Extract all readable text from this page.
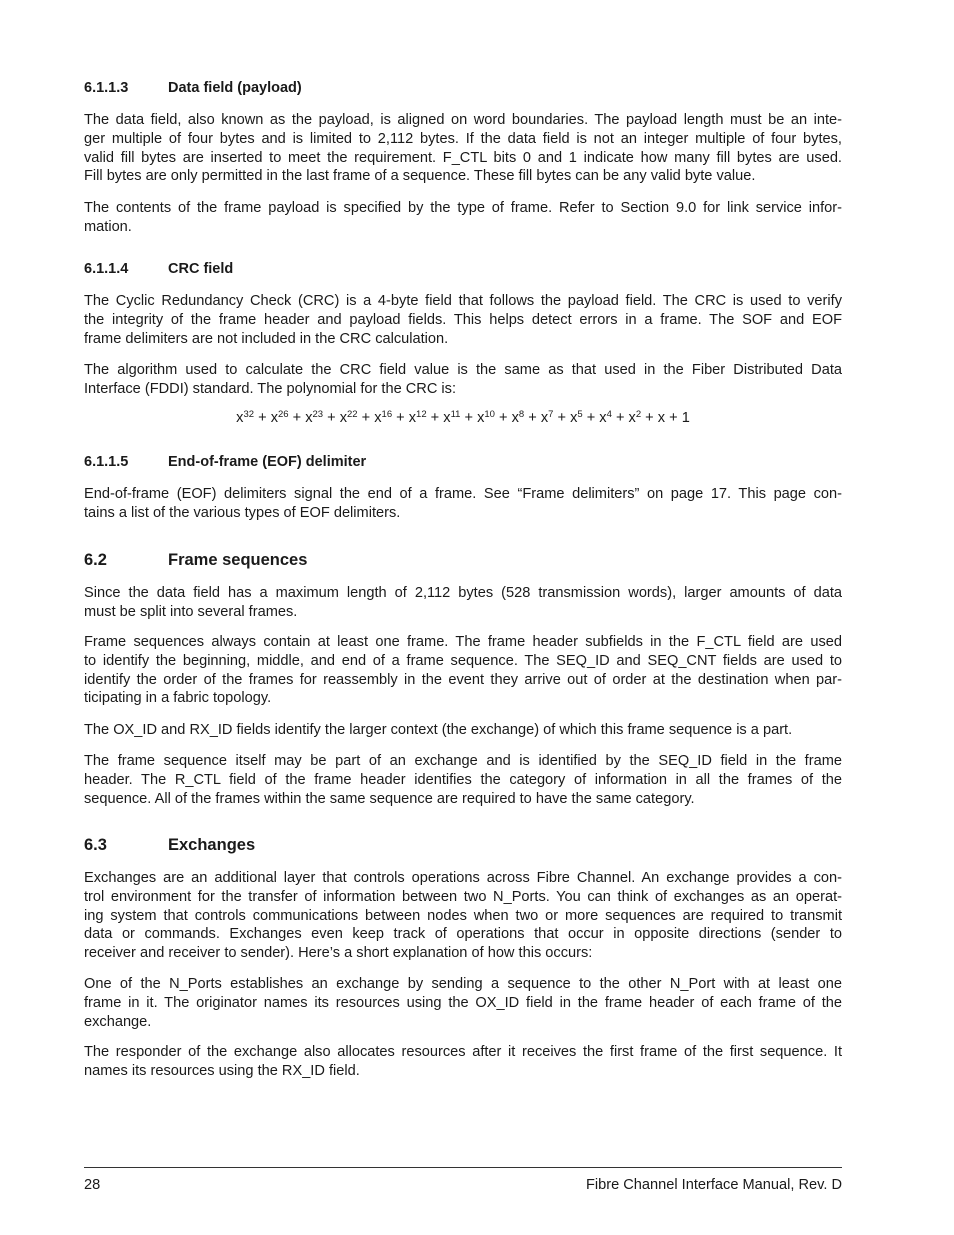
6.1.1.3	Data field (payload)
The data field, also known as the payload, is aligned on word boundaries. The payload length must be an inte-
ger multiple of four bytes and is limited to 2,112 bytes. If the data field is not an integer multiple of four bytes,
valid fill bytes are inserted to meet the requirement. F_CTL bits 0 and 1 indicate how many fill bytes are used.
Fill bytes are only permitted in the last frame of a sequence. These fill bytes can be any valid byte value.
The contents of the frame payload is specified by the type of frame. Refer to Section 9.0 for link service infor-
mation.
6.1.1.4	CRC field
The Cyclic Redundancy Check (CRC) is a 4-byte field that follows the payload field. The CRC is used to verify
the integrity of the frame header and payload fields. This helps detect errors in a frame. The SOF and EOF
frame delimiters are not included in the CRC calculation.
The algorithm used to calculate the CRC field value is the same as that used in the Fiber Distributed Data
Interface (FDDI) standard. The polynomial for the CRC is:
$x^{32} + x^{26} + x^{23} + x^{22} + x^{16} + x^{12} + x^{11} + x^{10} + x^8 + x^7 + x^5 + x^4 + x^2 + x + 1$
6.1.1.5	End-of-frame (EOF) delimiter
End-of-frame (EOF) delimiters signal the end of a frame. See “Frame delimiters” on page 17. This page con-
tains a list of the various types of EOF delimiters.
6.2	Frame sequences
Since the data field has a maximum length of 2,112 bytes (528 transmission words), larger amounts of data
must be split into several frames.
Frame sequences always contain at least one frame. The frame header subfields in the F_CTL field are used
to identify the beginning, middle, and end of a frame sequence. The SEQ_ID and SEQ_CNT fields are used to
identify the order of the frames for reassembly in the event they arrive out of order at the destination when par-
ticipating in a fabric topology.
The OX_ID and RX_ID fields identify the larger context (the exchange) of which this frame sequence is a part.
The frame sequence itself may be part of an exchange and is identified by the SEQ_ID field in the frame
header. The R_CTL field of the frame header identifies the category of information in all the frames of the
sequence. All of the frames within the same sequence are required to have the same category.
6.3	Exchanges
Exchanges are an additional layer that controls operations across Fibre Channel. An exchange provides a con-
trol environment for the transfer of information between two N_Ports. You can think of exchanges as an operat-
ing system that controls communications between nodes when two or more sequences are required to transmit
data or commands. Exchanges even keep track of operations that occur in opposite directions (sender to
receiver and receiver to sender). Here’s a short explanation of how this occurs:
One of the N_Ports establishes an exchange by sending a sequence to the other N_Port with at least one
frame in it. The originator names its resources using the OX_ID field in the frame header of each frame of the
exchange.
The responder of the exchange also allocates resources after it receives the first frame of the first sequence. It
names its resources using the RX_ID field.
28	Fibre Channel Interface Manual, Rev. D
